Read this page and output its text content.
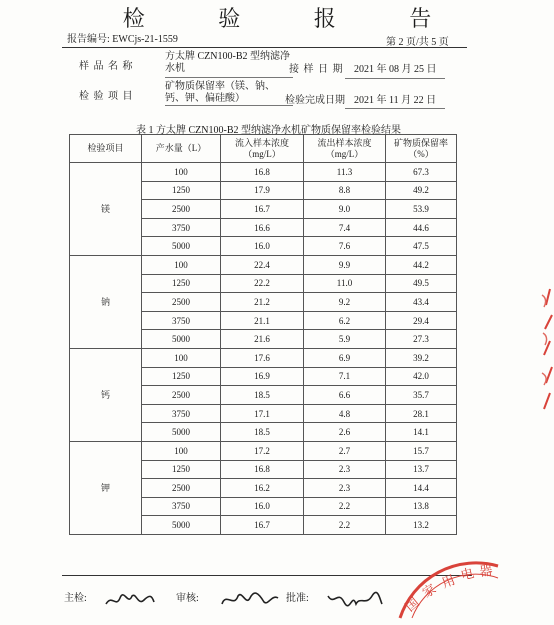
检 验 报 告
报告编号: EWCjs-21-1559	第 2 页/共 5 页
样 品 名 称
方太牌 CZN100-B2 型纳滤净水机	接 样 日 期 2021 年 08 月 25 日
检 验 项 目
矿物质保留率（镁、钠、钙、钾、偏硅酸）	检验完成日期 2021 年 11 月 22 日
表 1 方太牌 CZN100-B2 型纳滤净水机矿物质保留率检验结果
检验项目	产水量（L）	流入样本浓度（mg/L）	流出样本浓度（mg/L）	矿物质保留率（%）
镁	100	16.8	11.3	67.3
	1250	17.9	8.8	49.2
	2500	16.7	9.0	53.9
	3750	16.6	7.4	44.6
	5000	16.0	7.6	47.5
钠	100	22.4	9.9	44.2
	1250	22.2	11.0	49.5
	2500	21.2	9.2	43.4
	3750	21.1	6.2	29.4
	5000	21.6	5.9	27.3
钙	100	17.6	6.9	39.2
	1250	16.9	7.1	42.0
	2500	18.5	6.6	35.7
	3750	17.1	4.8	28.1
	5000	18.5	2.6	14.1
钾	100	17.2	2.7	15.7
	1250	16.8	2.3	13.7
	2500	16.2	2.3	14.4
	3750	16.0	2.2	13.8
	5000	16.7	2.2	13.2
主检:	审核:	批准:	国
家 用 电 器
